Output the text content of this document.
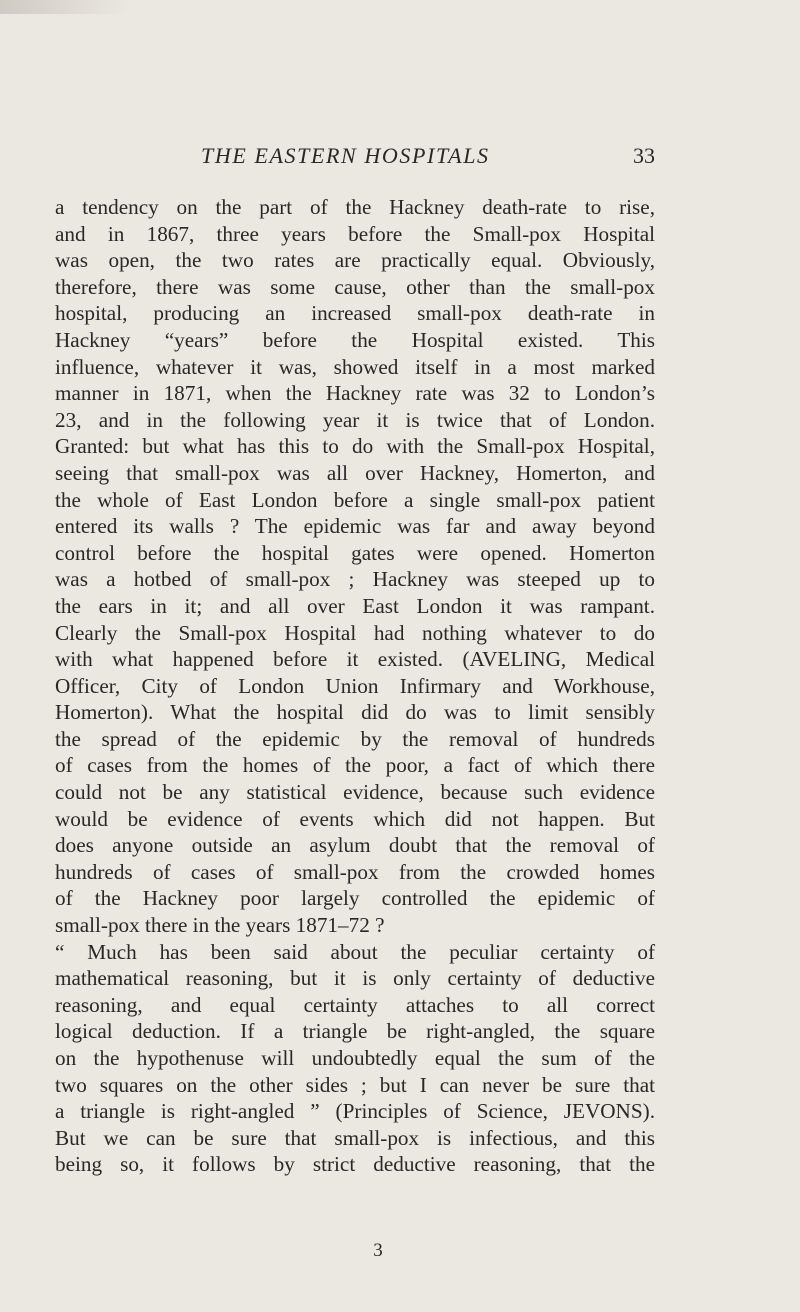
THE EASTERN HOSPITALS	33
a tendency on the part of the Hackney death-rate to rise,
and in 1867, three years before the Small-pox Hospital
was open, the two rates are practically equal. Obviously,
therefore, there was some cause, other than the small-pox
hospital, producing an increased small-pox death-rate in
Hackney “years” before the Hospital existed. This
influence, whatever it was, showed itself in a most marked
manner in 1871, when the Hackney rate was 32 to London’s
23, and in the following year it is twice that of London.
Granted: but what has this to do with the Small-pox Hospital,
seeing that small-pox was all over Hackney, Homerton, and
the whole of East London before a single small-pox patient
entered its walls ? The epidemic was far and away beyond
control before the hospital gates were opened. Homerton
was a hotbed of small-pox ; Hackney was steeped up to
the ears in it; and all over East London it was rampant.
Clearly the Small-pox Hospital had nothing whatever to do
with what happened before it existed. (AVELING, Medical
Officer, City of London Union Infirmary and Workhouse,
Homerton). What the hospital did do was to limit sensibly
the spread of the epidemic by the removal of hundreds
of cases from the homes of the poor, a fact of which there
could not be any statistical evidence, because such evidence
would be evidence of events which did not happen. But
does anyone outside an asylum doubt that the removal of
hundreds of cases of small-pox from the crowded homes
of the Hackney poor largely controlled the epidemic of
small-pox there in the years 1871–72 ?
“ Much has been said about the peculiar certainty of
mathematical reasoning, but it is only certainty of deductive
reasoning, and equal certainty attaches to all correct
logical deduction. If a triangle be right-angled, the square
on the hypothenuse will undoubtedly equal the sum of the
two squares on the other sides ; but I can never be sure that
a triangle is right-angled ” (Principles of Science, JEVONS).
But we can be sure that small-pox is infectious, and this
being so, it follows by strict deductive reasoning, that the
3
